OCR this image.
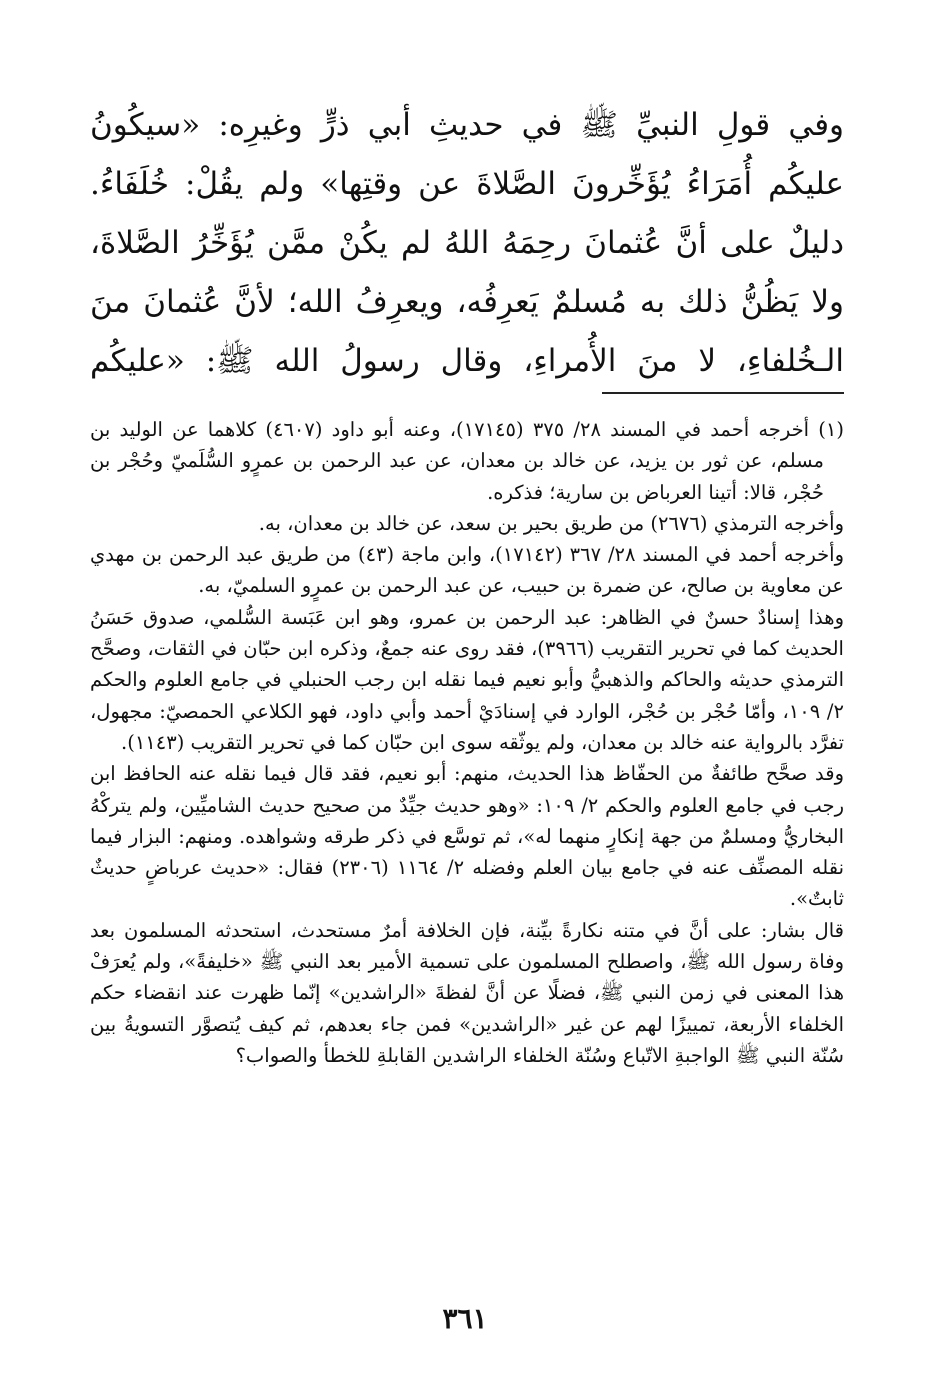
وفي قولِ النبيِّ ﷺ في حديثِ أبي ذرٍّ وغيرِه: «سيكُونُ عليكُم أُمَرَاءُ يُؤَخِّرونَ الصَّلاةَ عن وقتِها» ولم يقُلْ: خُلَفَاءُ. دليلٌ على أنَّ عُثمانَ رحِمَهُ اللهُ لم يكُنْ ممَّن يُؤَخِّرُ الصَّلاةَ، ولا يَظُنُّ ذلك به مُسلمٌ يَعرِفُه، ويعرِفُ الله؛ لأنَّ عُثمانَ منَ الـخُلفاءِ، لا منَ الأُمراءِ، وقال رسولُ الله ﷺ: «عليكُم

(١) أخرجه أحمد في المسند ٢٨/ ٣٧٥ (١٧١٤٥)، وعنه أبو داود (٤٦٠٧) كلاهما عن الوليد بن مسلم، عن ثور بن يزيد، عن خالد بن معدان، عن عبد الرحمن بن عمرٍو السُّلَميّ وحُجْر بن حُجْر، قالا: أتينا العرباض بن سارية؛ فذكره.

وأخرجه الترمذي (٢٦٧٦) من طريق بحير بن سعد، عن خالد بن معدان، به.

وأخرجه أحمد في المسند ٢٨/ ٣٦٧ (١٧١٤٢)، وابن ماجة (٤٣) من طريق عبد الرحمن بن مهدي عن معاوية بن صالح، عن ضمرة بن حبيب، عن عبد الرحمن بن عمرٍو السلميّ، به.

وهذا إسنادٌ حسنٌ في الظاهر: عبد الرحمن بن عمرو، وهو ابن عَبَسة السُّلمي، صدوق حَسَنُ الحديث كما في تحرير التقريب (٣٩٦٦)، فقد روى عنه جمعٌ، وذكره ابن حبّان في الثقات، وصحَّح الترمذي حديثه والحاكم والذهبيُّ وأبو نعيم فيما نقله ابن رجب الحنبلي في جامع العلوم والحكم ٢/ ١٠٩، وأمّا حُجْر بن حُجْر، الوارد في إسنادَيْ أحمد وأبي داود، فهو الكلاعي الحمصيّ: مجهول، تفرَّد بالرواية عنه خالد بن معدان، ولم يوثّقه سوى ابن حبّان كما في تحرير التقريب (١١٤٣).

وقد صحَّح طائفةٌ من الحفّاظ هذا الحديث، منهم: أبو نعيم، فقد قال فيما نقله عنه الحافظ ابن رجب في جامع العلوم والحكم ٢/ ١٠٩: «وهو حديث جيِّدٌ من صحيح حديث الشاميِّين، ولم يتركْهُ البخاريُّ ومسلمٌ من جهة إنكارٍ منهما له»، ثم توسَّع في ذكر طرقه وشواهده. ومنهم: البزار فيما نقله المصنِّف عنه في جامع بيان العلم وفضله ٢/ ١١٦٤ (٢٣٠٦) فقال: «حديث عرباضٍ حديثٌ ثابتٌ».

قال بشار: على أنَّ في متنه نكارةً بيِّنة، فإن الخلافة أمرٌ مستحدث، استحدثه المسلمون بعد وفاة رسول الله ﷺ، واصطلح المسلمون على تسمية الأمير بعد النبي ﷺ «خليفةً»، ولم يُعرَفْ هذا المعنى في زمن النبي ﷺ، فضلًا عن أنَّ لفظةَ «الراشدين» إنّما ظهرت عند انقضاء حكم الخلفاء الأربعة، تمييزًا لهم عن غير «الراشدين» فمن جاء بعدهم، ثم كيف يُتصوَّر التسويةُ بين سُنّة النبي ﷺ الواجبةِ الاتّباع وسُنّة الخلفاء الراشدين القابلةِ للخطأ والصواب؟

٣٦١
